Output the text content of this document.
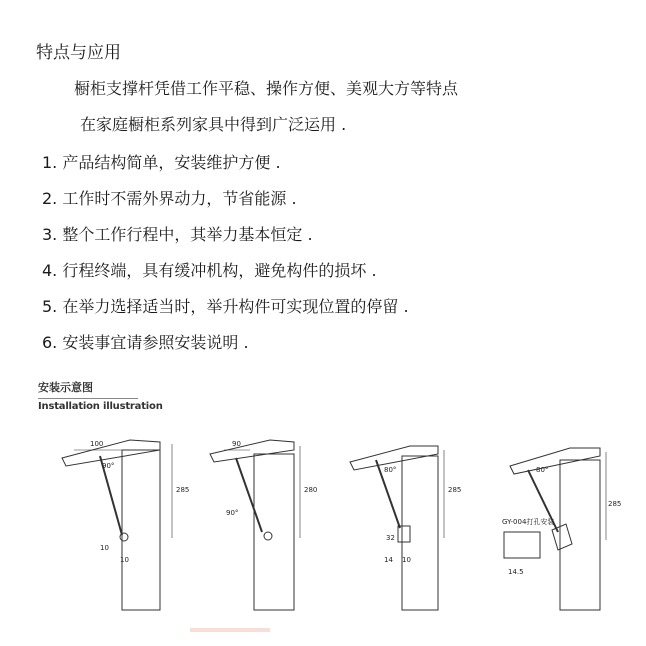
特点与应用
橱柜支撑杆凭借工作平稳、操作方便、美观大方等特点
在家庭橱柜系列家具中得到广泛运用 .
1. 产品结构简单，安装维护方便 .
2. 工作时不需外界动力，节省能源 .
3. 整个工作行程中，其举力基本恒定 .
4. 行程终端，具有缓冲机构，避免构件的损坏 .
5. 在举力选择适当时，举升构件可实现位置的停留 .
6. 安装事宜请参照安装说明 .
安装示意图
Installation illustration
100
285
90°
10
10
90
280
90°
285
80°
32
14 10
285
80°
GY-004打孔安装
14.5
